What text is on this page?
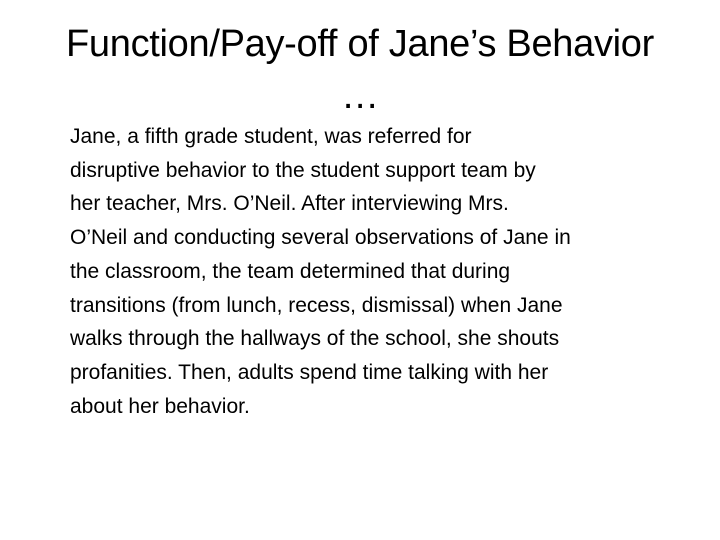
Function/Pay-off of Jane’s Behavior
…

Jane, a fifth grade student, was referred for
disruptive behavior to the student support team by
her teacher, Mrs. O’Neil. After interviewing Mrs.
O’Neil and conducting several observations of Jane in
the classroom, the team determined that during
transitions (from lunch, recess, dismissal) when Jane
walks through the hallways of the school, she shouts
profanities. Then, adults spend time talking with her
about her behavior.
